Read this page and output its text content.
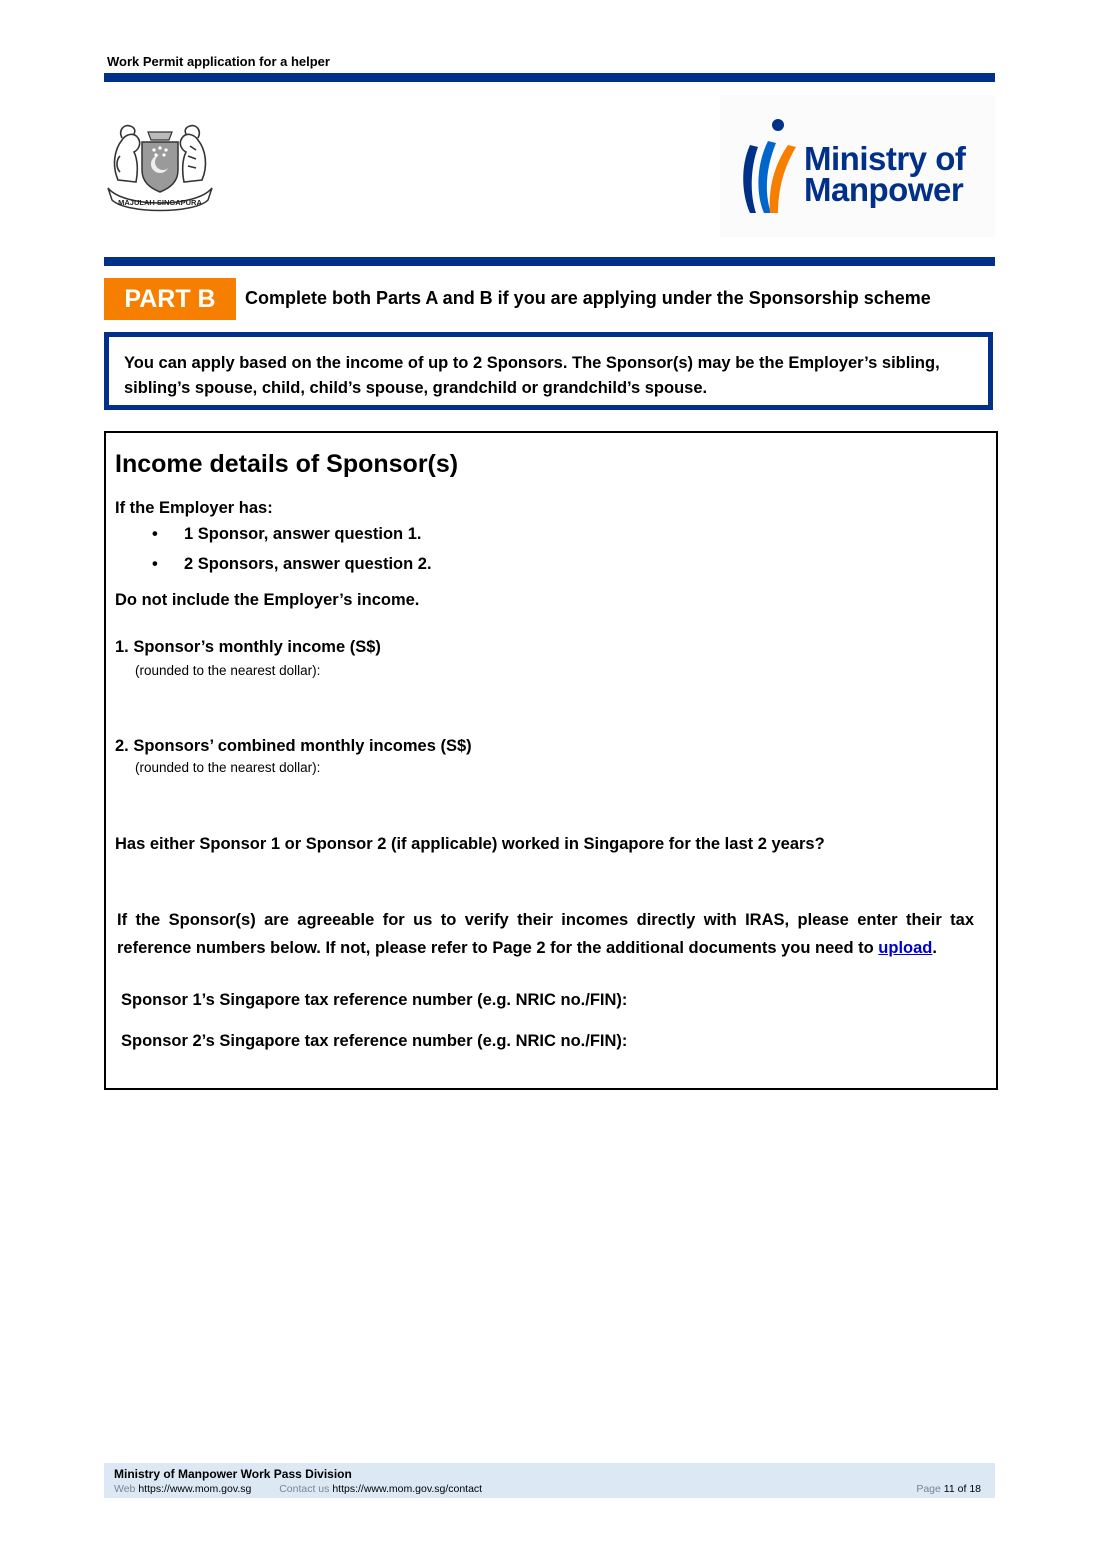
Work Permit application for a helper
MAJULAH SINGAPURA
Ministry of
Manpower
PART B	Complete both Parts A and B if you are applying under the Sponsorship scheme
You can apply based on the income of up to 2 Sponsors. The Sponsor(s) may be the Employer’s sibling, sibling’s spouse, child, child’s spouse, grandchild or grandchild’s spouse.
Income details of Sponsor(s)
If the Employer has:
• 1 Sponsor, answer question 1.
• 2 Sponsors, answer question 2.
Do not include the Employer’s income.
1. Sponsor’s monthly income (S$)
(rounded to the nearest dollar):
2. Sponsors’ combined monthly incomes (S$)
(rounded to the nearest dollar):
Has either Sponsor 1 or Sponsor 2 (if applicable) worked in Singapore for the last 2 years?
If the Sponsor(s) are agreeable for us to verify their incomes directly with IRAS, please enter their tax reference numbers below. If not, please refer to Page 2 for the additional documents you need to upload.
Sponsor 1’s Singapore tax reference number (e.g. NRIC no./FIN):
Sponsor 2’s Singapore tax reference number (e.g. NRIC no./FIN):
Ministry of Manpower Work Pass Division
Web https://www.mom.gov.sg	Contact us https://www.mom.gov.sg/contact	Page 11 of 18
